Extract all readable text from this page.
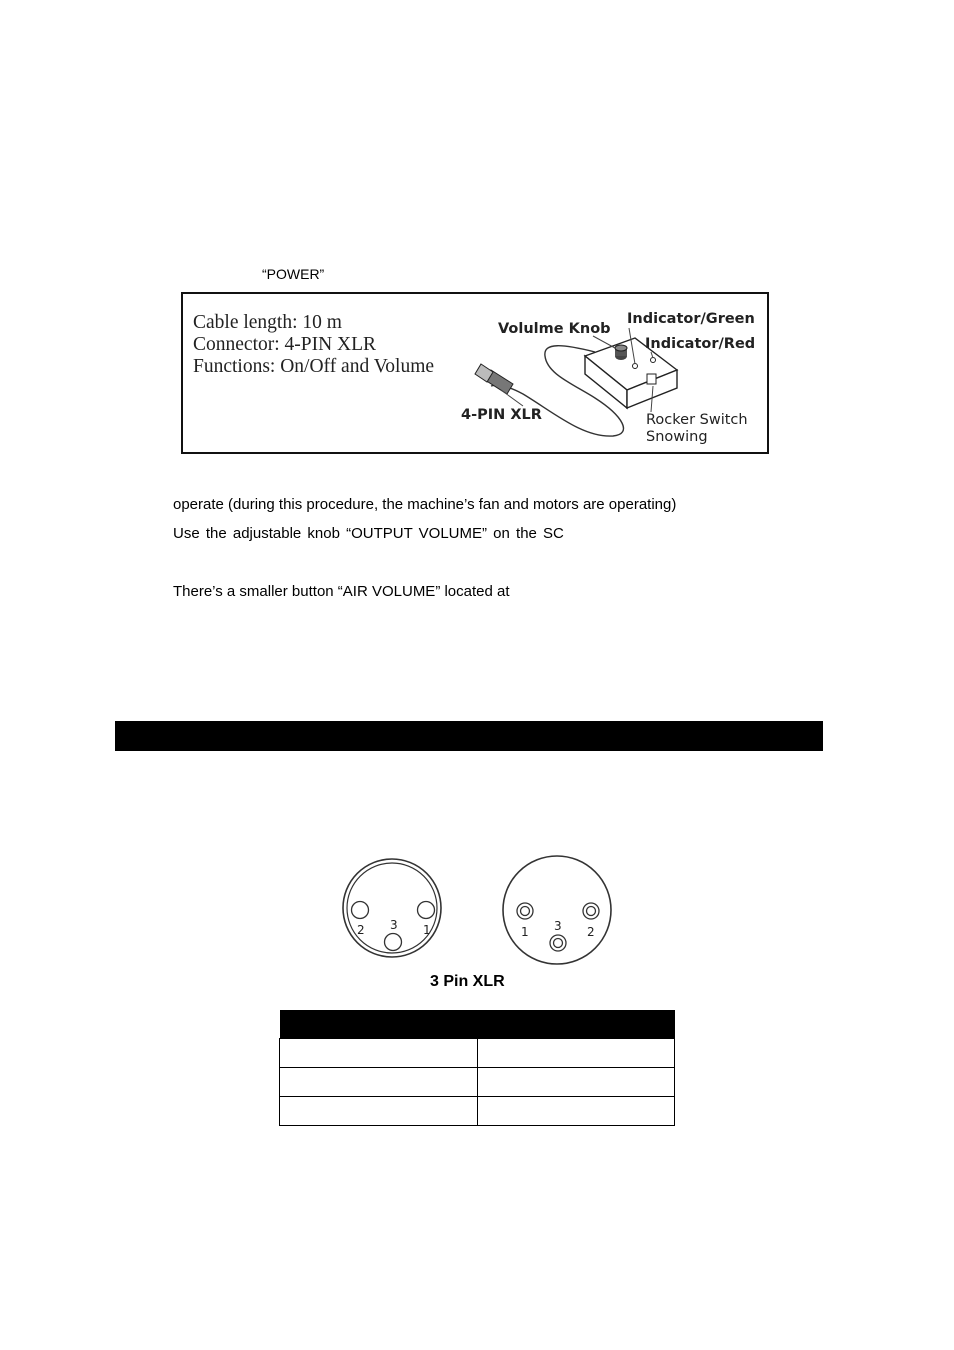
“POWER”
Cable length: 10 m
Connector: 4-PIN XLR
Functions: On/Off and Volume
Volulme Knob
Indicator/Green
Indicator/Red
4-PIN XLR	Rocker Switch
Snowing
operate (during this procedure, the machine’s fan and motors are operating)
Use the adjustable knob “OUTPUT VOLUME” on the SC
There’s a smaller button “AIR VOLUME” located at
2 3 1	1 3 2
3 Pin XLR
